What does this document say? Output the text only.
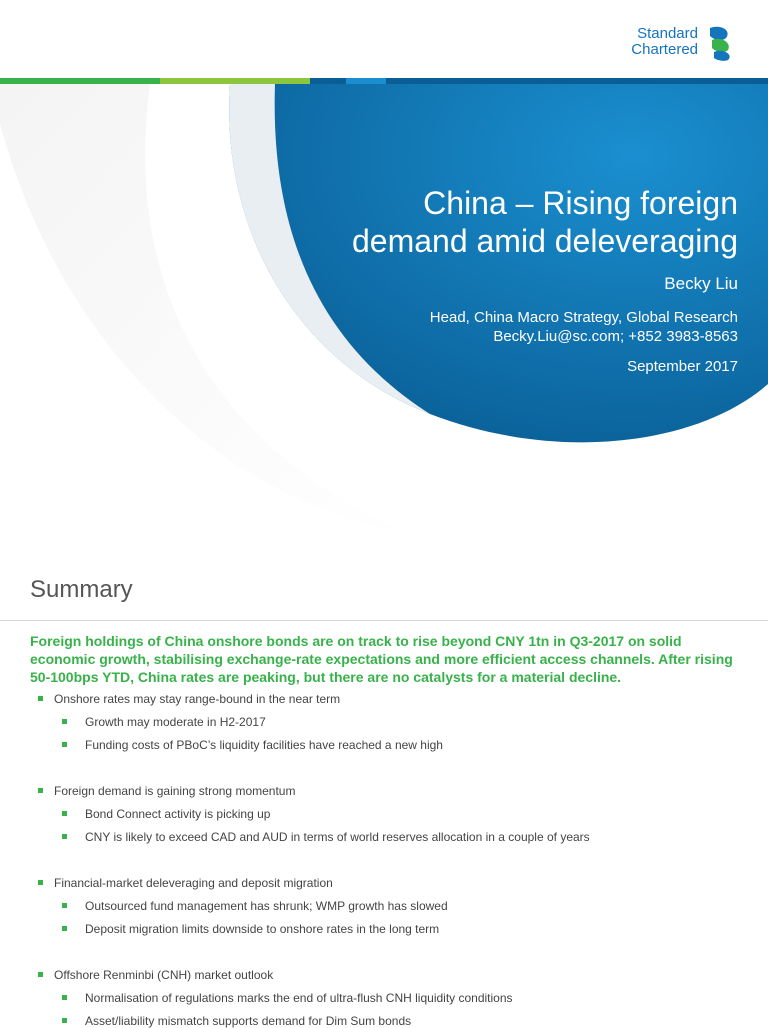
Standard
Chartered
China – Rising foreign
demand amid deleveraging
Becky Liu
Head, China Macro Strategy, Global Research
Becky.Liu@sc.com; +852 3983-8563
September 2017
Summary
Foreign holdings of China onshore bonds are on track to rise beyond CNY 1tn in Q3-2017 on solid economic growth, stabilising exchange-rate expectations and more efficient access channels. After rising 50-100bps YTD, China rates are peaking, but there are no catalysts for a material decline.
Onshore rates may stay range-bound in the near term
Growth may moderate in H2-2017
Funding costs of PBoC’s liquidity facilities have reached a new high
Foreign demand is gaining strong momentum
Bond Connect activity is picking up
CNY is likely to exceed CAD and AUD in terms of world reserves allocation in a couple of years
Financial-market deleveraging and deposit migration
Outsourced fund management has shrunk; WMP growth has slowed
Deposit migration limits downside to onshore rates in the long term
Offshore Renminbi (CNH) market outlook
Normalisation of regulations marks the end of ultra-flush CNH liquidity conditions
Asset/liability mismatch supports demand for Dim Sum bonds
